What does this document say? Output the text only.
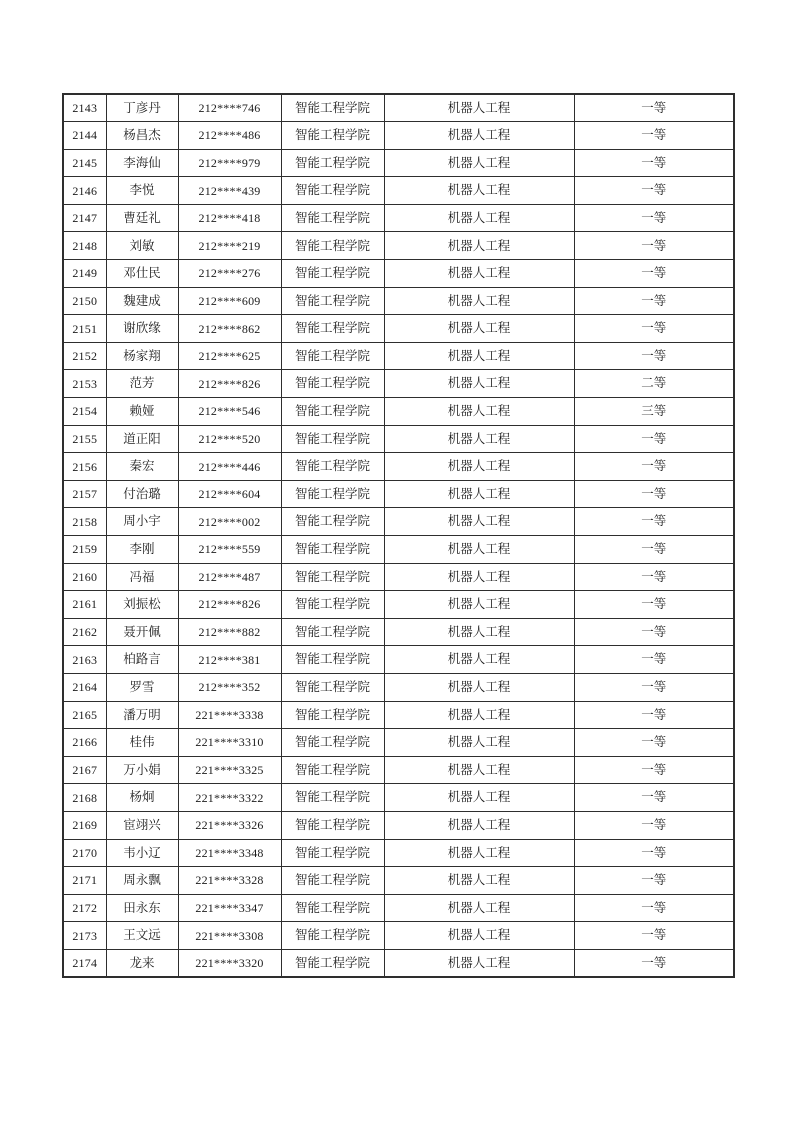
2143	丁彦丹	212****746	智能工程学院	机器人工程	一等
2144	杨昌杰	212****486	智能工程学院	机器人工程	一等
2145	李海仙	212****979	智能工程学院	机器人工程	一等
2146	李悦	212****439	智能工程学院	机器人工程	一等
2147	曹廷礼	212****418	智能工程学院	机器人工程	一等
2148	刘敏	212****219	智能工程学院	机器人工程	一等
2149	邓仕民	212****276	智能工程学院	机器人工程	一等
2150	魏建成	212****609	智能工程学院	机器人工程	一等
2151	谢欣缘	212****862	智能工程学院	机器人工程	一等
2152	杨家翔	212****625	智能工程学院	机器人工程	一等
2153	范芳	212****826	智能工程学院	机器人工程	二等
2154	赖娅	212****546	智能工程学院	机器人工程	三等
2155	道正阳	212****520	智能工程学院	机器人工程	一等
2156	秦宏	212****446	智能工程学院	机器人工程	一等
2157	付治璐	212****604	智能工程学院	机器人工程	一等
2158	周小宇	212****002	智能工程学院	机器人工程	一等
2159	李刚	212****559	智能工程学院	机器人工程	一等
2160	冯福	212****487	智能工程学院	机器人工程	一等
2161	刘振松	212****826	智能工程学院	机器人工程	一等
2162	聂开佩	212****882	智能工程学院	机器人工程	一等
2163	柏路言	212****381	智能工程学院	机器人工程	一等
2164	罗雪	212****352	智能工程学院	机器人工程	一等
2165	潘万明	221****3338	智能工程学院	机器人工程	一等
2166	桂伟	221****3310	智能工程学院	机器人工程	一等
2167	万小娟	221****3325	智能工程学院	机器人工程	一等
2168	杨炯	221****3322	智能工程学院	机器人工程	一等
2169	宦翊兴	221****3326	智能工程学院	机器人工程	一等
2170	韦小辽	221****3348	智能工程学院	机器人工程	一等
2171	周永飘	221****3328	智能工程学院	机器人工程	一等
2172	田永东	221****3347	智能工程学院	机器人工程	一等
2173	王文远	221****3308	智能工程学院	机器人工程	一等
2174	龙来	221****3320	智能工程学院	机器人工程	一等
